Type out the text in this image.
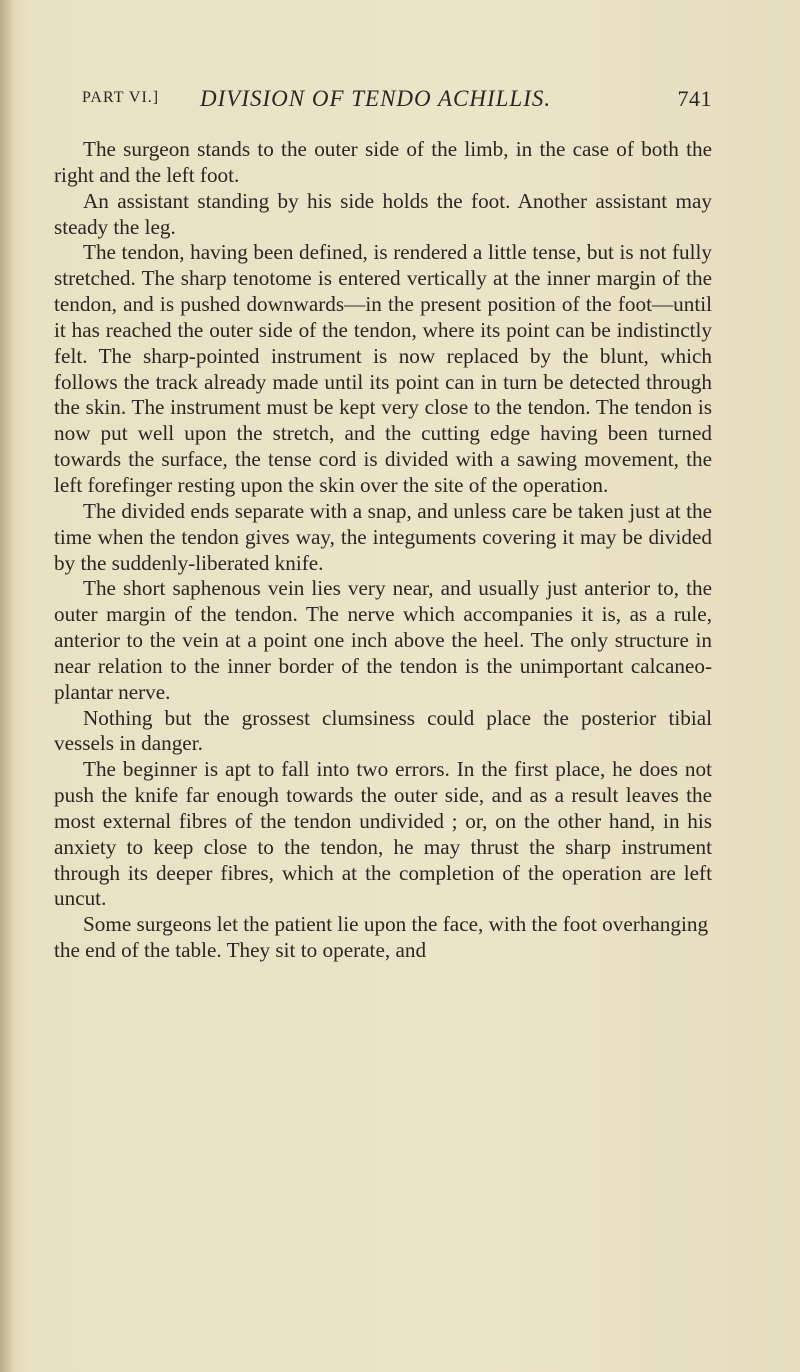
PART VI.] DIVISION OF TENDO ACHILLIS.	741

The surgeon stands to the outer side of the limb, in the case of both the right and the left foot.

An assistant standing by his side holds the foot. Another assistant may steady the leg.

The tendon, having been defined, is rendered a little tense, but is not fully stretched. The sharp tenotome is entered vertically at the inner margin of the tendon, and is pushed downwards—in the present position of the foot—until it has reached the outer side of the tendon, where its point can be indistinctly felt. The sharp-pointed instrument is now replaced by the blunt, which follows the track already made until its point can in turn be detected through the skin. The instrument must be kept very close to the tendon. The tendon is now put well upon the stretch, and the cutting edge having been turned towards the surface, the tense cord is divided with a sawing movement, the left forefinger resting upon the skin over the site of the operation.

The divided ends separate with a snap, and unless care be taken just at the time when the tendon gives way, the integuments covering it may be divided by the suddenly-liberated knife.

The short saphenous vein lies very near, and usually just anterior to, the outer margin of the tendon. The nerve which accompanies it is, as a rule, anterior to the vein at a point one inch above the heel. The only structure in near relation to the inner border of the tendon is the unimportant calcaneo-plantar nerve.

Nothing but the grossest clumsiness could place the posterior tibial vessels in danger.

The beginner is apt to fall into two errors. In the first place, he does not push the knife far enough towards the outer side, and as a result leaves the most external fibres of the tendon undivided ; or, on the other hand, in his anxiety to keep close to the tendon, he may thrust the sharp instrument through its deeper fibres, which at the completion of the operation are left uncut.

Some surgeons let the patient lie upon the face, with the foot overhanging the end of the table. They sit to operate, and
